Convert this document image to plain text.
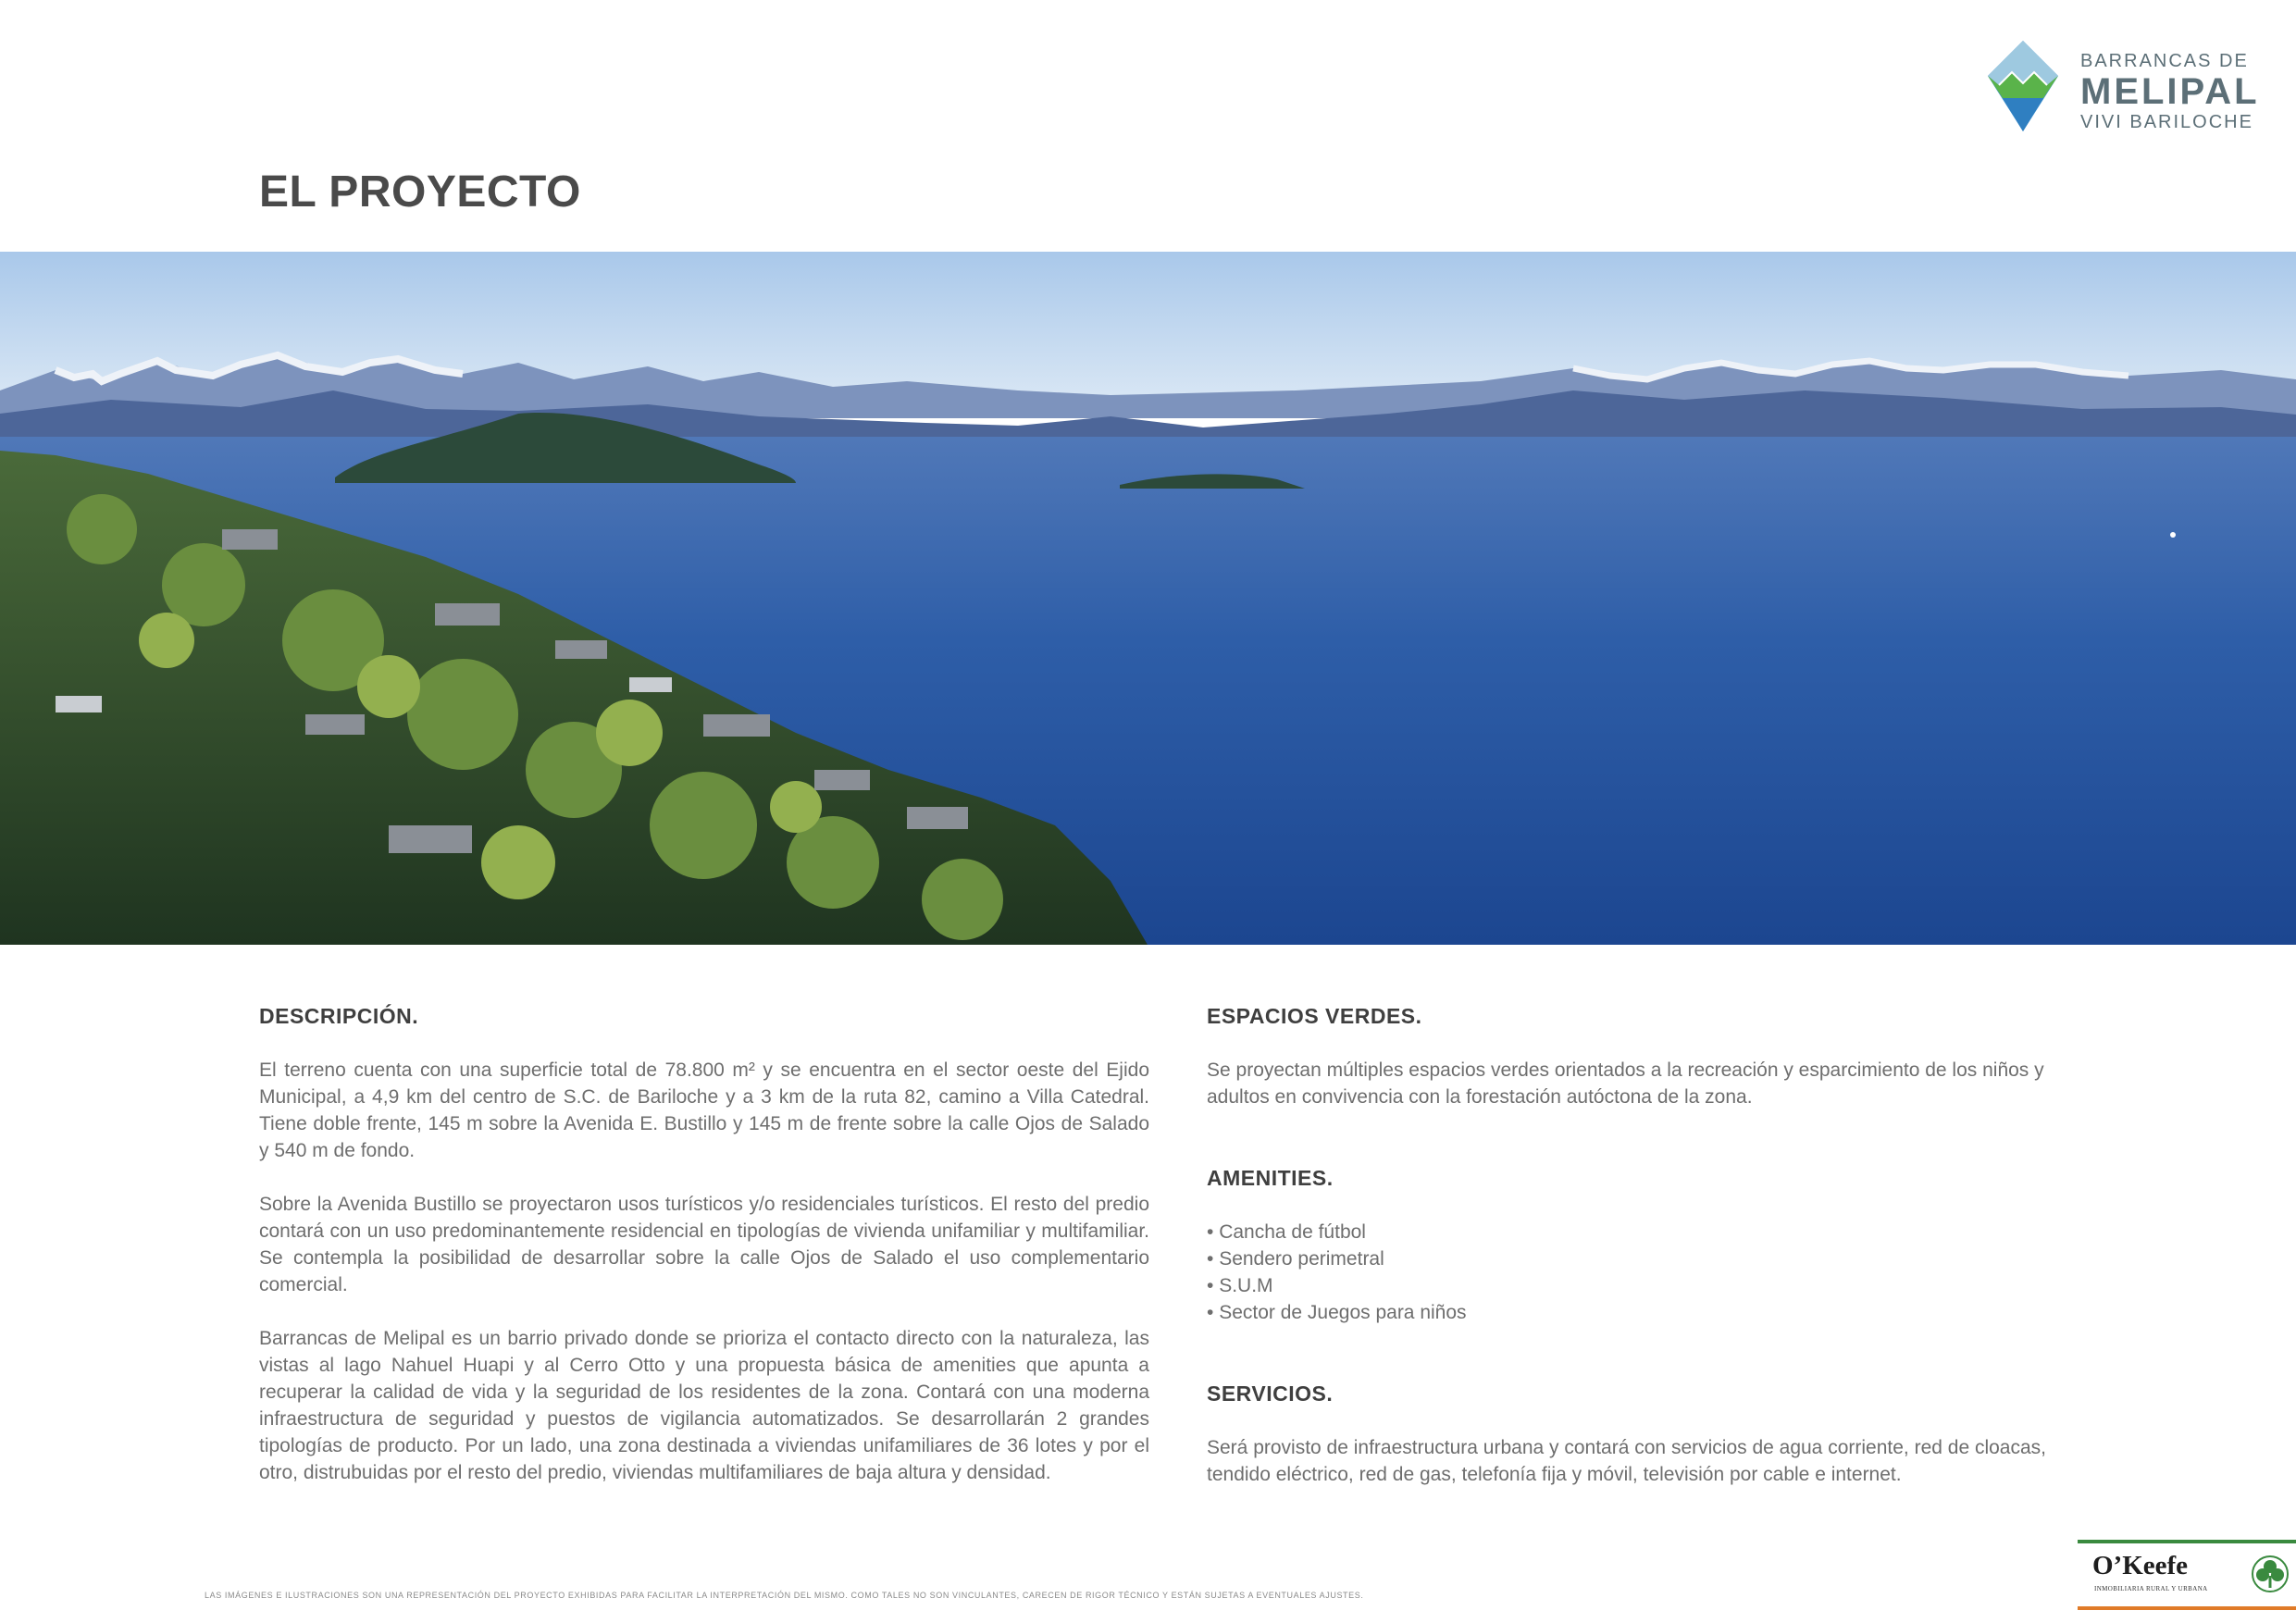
BARRANCAS DE
MELIPAL
VIVI BARILOCHE
EL PROYECTO
DESCRIPCIÓN.

El terreno cuenta con una superficie total de 78.800 m² y se encuentra en el sector oeste del Ejido Municipal, a 4,9 km del centro de S.C. de Bariloche y a 3 km de la ruta 82, camino a Villa Catedral. Tiene doble frente, 145 m sobre la Avenida E. Bustillo y 145 m de frente sobre la calle Ojos de Salado y 540 m de fondo.

Sobre la Avenida Bustillo se proyectaron usos turísticos y/o residenciales turísticos. El resto del predio contará con un uso predominantemente residencial en tipologías de vivienda unifamiliar y multifamiliar. Se contempla la posibilidad de desarrollar sobre la calle Ojos de Salado el uso complementario comercial.

Barrancas de Melipal es un barrio privado donde se prioriza el contacto directo con la naturaleza, las vistas al lago Nahuel Huapi y al Cerro Otto y una propuesta básica de amenities que apunta a recuperar la calidad de vida y la seguridad de los residentes de la zona. Contará con una moderna infraestructura de seguridad y puestos de vigilancia automatizados. Se desarrollarán 2 grandes tipologías de producto. Por un lado, una zona destinada a viviendas unifamiliares de 36 lotes y por el otro, distrubuidas por el resto del predio, viviendas multifamiliares de baja altura y densidad.

ESPACIOS VERDES.

Se proyectan múltiples espacios verdes orientados a la recreación y esparcimiento de los niños y adultos en convivencia con la forestación autóctona de la zona.

AMENITIES.
• Cancha de fútbol
• Sendero perimetral
• S.U.M
• Sector de Juegos para niños
SERVICIOS.

Será provisto de infraestructura urbana y contará con servicios de agua corriente, red de cloacas, tendido eléctrico, red de gas, telefonía fija y móvil, televisión por cable e internet.

LAS IMÁGENES E ILUSTRACIONES SON UNA REPRESENTACIÓN DEL PROYECTO EXHIBIDAS PARA FACILITAR LA INTERPRETACIÓN DEL MISMO. COMO TALES NO SON VINCULANTES, CARECEN DE RIGOR TÉCNICO Y ESTÁN SUJETAS A EVENTUALES AJUSTES.
O’Keefe
INMOBILIARIA RURAL Y URBANA
